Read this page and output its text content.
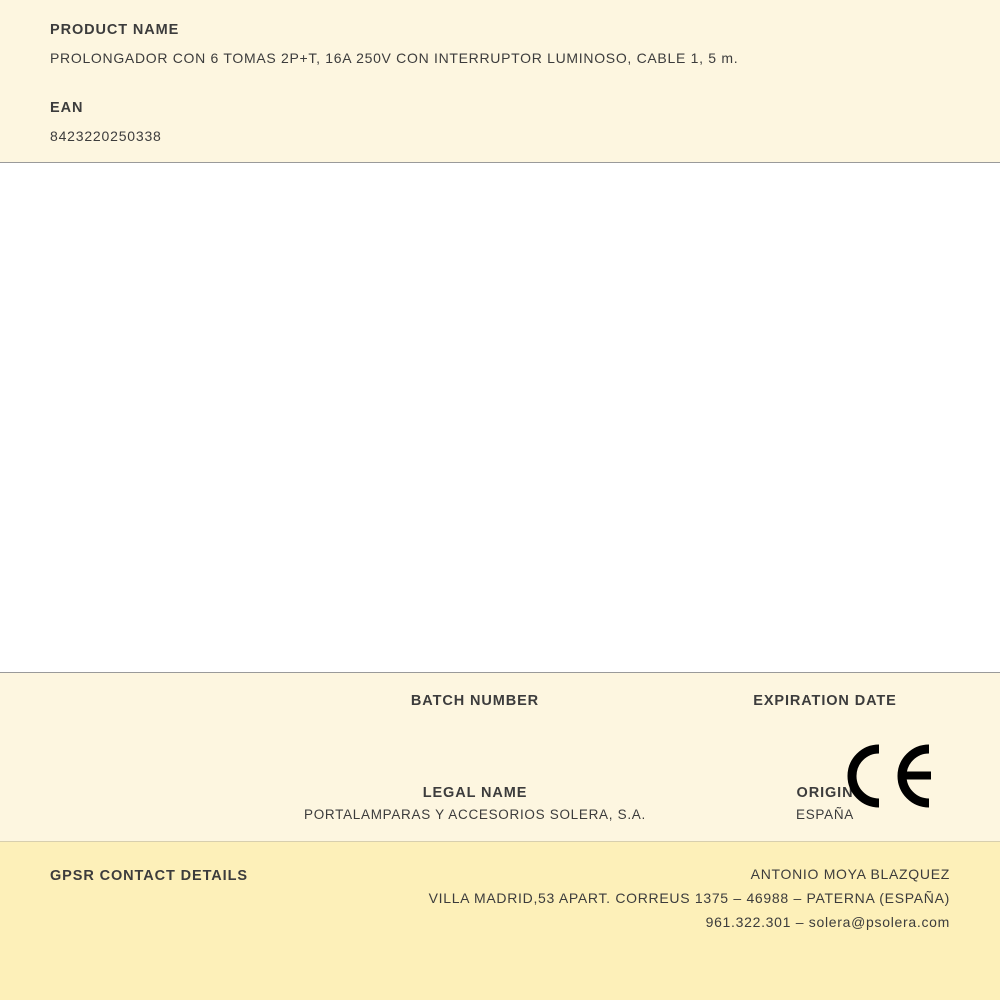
PRODUCT NAME

PROLONGADOR CON 6 TOMAS 2P+T, 16A 250V CON INTERRUPTOR LUMINOSO, CABLE 1, 5 m.

EAN

8423220250338

BATCH NUMBER	EXPIRATION DATE

LEGAL NAME

PORTALAMPARAS Y ACCESORIOS SOLERA, S.A.

ORIGIN

ESPAÑA

GPSR CONTACT DETAILS	ANTONIO MOYA BLAZQUEZ

VILLA MADRID,53 APART. CORREUS 1375 – 46988 – PATERNA (ESPAÑA)

961.322.301 – solera@psolera.com
